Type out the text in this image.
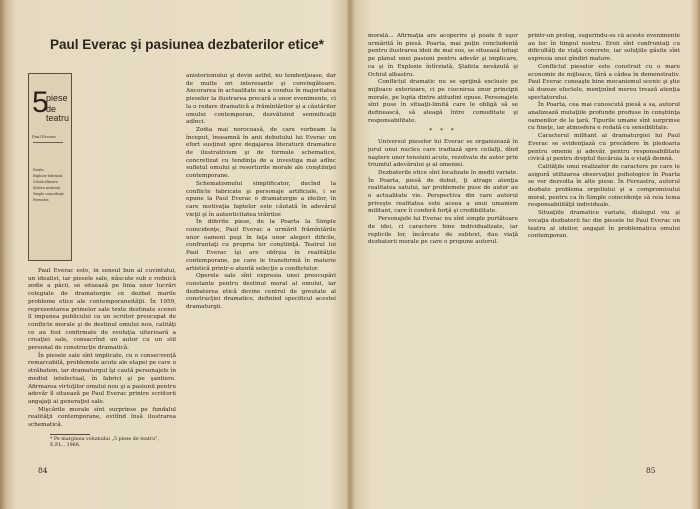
Paul Everac şi pasiunea dezbaterilor etice*
5
piese
de teatru
Paul Everac
Poarta
Explozie întîrziată
Ochiul albastru
Ştafeta nevăzută
Simple coincidenţe
Fereastra

Paul Everac este, în sensul bun al cuvîntului, un idealist, iar piesele sale, născute sub o rodnică zodie a păcii, se situează pe linia unor lucrări colegiale de dramaturgie ce dezbat marile probleme etice ale contemporaneităţii. În 1959, reprezentarea primelor sale texte destinate scenei îl impunea publicului ca un scriitor preocupat de conflicte morale şi de destinul omului nou, calităţi ce au fost confirmate de evoluţia ulterioară a creaţiei sale, consacrînd un autor cu un stil personal de construcţie dramatică.

În piesele sale sînt implicate, cu o consecvenţă remarcabilă, problemele acute ale etapei pe care o străbatem, iar dramaturgul îşi caută personajele în mediul intelectual, în fabrici şi pe şantiere. Afirmarea virtuţilor omului nou şi a pasiunii pentru adevăr îl situează pe Paul Everac printre scriitorii angajaţi ai generaţiei sale.

Mişcările morale sînt surprinse pe fundalul realităţii contemporane, evitînd însă ilustrarea schematică.

* Pe marginea volumului „5 piese de teatru", E.P.L., 1966.

anistorismului şi devin astfel, nu tendenţioase, dar de multe ori interesante şi convingătoare. Ancorarea în actualitate nu a condus în majoritatea pieselor la ilustrarea precară a unor evenimente, ci la o redare dramatică a frămîntărilor şi a căutărilor omului contemporan, dezvăluind semnificaţii adînci.

Zodia mai norocoasă, de care vorbeam la început, înseamnă în anii debutului lui Everac un efort susţinut spre degajarea literaturii dramatice de ilustrativism şi de formule schematice, concretizat cu tendinţa de a investiga mai adînc sufletul omului şi resorturile morale ale conştiinţei contemporane.

Schematismului simplificator, ducînd la conflicte fabricate şi personaje artificiale, i se opune la Paul Everac o dramaturgie a ideilor, în care motivaţia faptelor este căutată în adevărul vieţii şi în autenticitatea trăirilor.

În diferite piese, de la Poarta la Simple coincidenţe, Paul Everac a urmărit frămîntările unor oameni puşi în faţa unor alegeri dificile, confruntaţi cu propria lor conştiinţă. Teatrul lui Paul Everac îşi are obîrşia în realităţile contemporane, pe care le transformă în materie artistică printr-o atentă selecţie a conflictelor.

Operele sale sînt expresia unei preocupări constante pentru destinul moral al omului, iar dezbaterea etică devine centrul de greutate al construcţiei dramatice, definind specificul acestei dramaturgii.

84

morală... Afirmaţia are acoperire şi poate fi uşor urmărită în piesă. Poarta, mai puţin concludentă pentru ilustrarea ideii de mai sus, se situează totuşi pe planul unei pasiuni pentru adevăr şi implicare, ca şi în Explozie întîrziată, Ştafeta nevăzută şi Ochiul albastru.

Conflictul dramatic nu se sprijină exclusiv pe mijloace exterioare, ci pe ciocnirea unor principii morale, pe lupta dintre atitudini opuse. Personajele sînt puse în situaţii-limită care le obligă să se definească, să aleagă între comoditate şi responsabilitate.

* * *

Universul pieselor lui Everac se organizează în jurul unui nucleu care iradiază spre ceilalţi, dînd naştere unor tensiuni acute, rezolvate de autor prin triumful adevărului şi al omeniei.

Dezbaterile etice sînt localizate în medii variate. În Poarta, piesă de debut, ţi atrage atenţia realitatea satului, iar problemele puse de autor au o actualitate vie. Perspectiva din care autorul priveşte realitatea este aceea a unui umanism militant, care îi conferă forţă şi credibilitate.

Personajele lui Everac nu sînt simple purtătoare de idei, ci caractere bine individualizate, iar replicile lor, încărcate de subtext, dau viaţă dezbaterii morale pe care o propune autorul.

printr-un prolog, sugerîndu-se că aceste evenimente au loc în timpul nostru. Eroii sînt confruntaţi cu dificultăţi de viaţă concrete, iar soluţiile găsite sînt expresia unei gîndiri mature.

Conflictul pieselor este construit cu o mare economie de mijloace, fără a cădea în demonstrativ. Paul Everac cunoaşte bine mecanismul scenic şi ştie să dozeze efectele, menţinînd mereu trează atenţia spectatorului.

În Poarta, cea mai cunoscută piesă a sa, autorul analizează mutaţiile profunde produse în conştiinţa oamenilor de la ţară. Tipurile umane sînt surprinse cu fineţe, iar atmosfera e redată cu sensibilitate.

Caracterul militant al dramaturgiei lui Paul Everac se evidenţiază cu precădere în pledoaria pentru omenie şi adevăr, pentru responsabilitate civică şi pentru dreptul fiecăruia la o viaţă demnă.

Calităţile unui realizator de caractere pe care le asigură utilizarea observaţiei psihologice în Poarta se vor dezvolta în alte piese. În Fereastra, autorul dezbate problema orgoliului şi a compromisului moral, pentru ca în Simple coincidenţe să reia tema responsabilităţii individuale.

Situaţiile dramatice variate, dialogul viu şi vocaţia dezbaterii fac din piesele lui Paul Everac un teatru al ideilor, angajat în problematica omului contemporan.

85
